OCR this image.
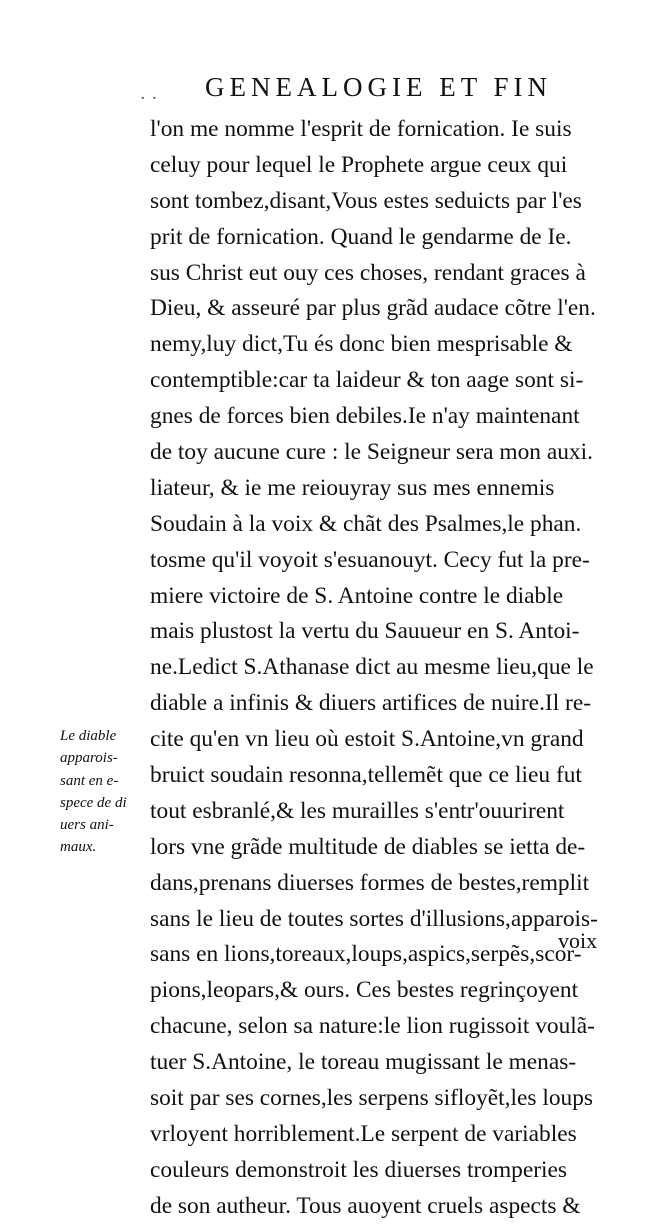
· · GENEALOGIE ET FIN
l'on me nomme l'esprit de fornication. Ie suis
celuy pour lequel le Prophete argue ceux qui
sont tombez,disant,Vous estes seduicts par l'es
prit de fornication. Quand le gendarme de Ie.
sus Christ eut ouy ces choses, rendant graces à
Dieu, & asseuré par plus grãd audace cõtre l'en.
nemy,luy dict,Tu és donc bien mesprisable &
contemptible:car ta laideur & ton aage sont si-
gnes de forces bien debiles.Ie n'ay maintenant
de toy aucune cure : le Seigneur sera mon auxi.
liateur, & ie me reiouyray sus mes ennemis
Soudain à la voix & chãt des Psalmes,le phan.
tosme qu'il voyoit s'esuanouyt. Cecy fut la pre-
miere victoire de S. Antoine contre le diable
mais plustost la vertu du Sauueur en S. Antoi-
ne.Ledict S.Athanase dict au mesme lieu,que le
diable a infinis & diuers artifices de nuire.Il re-
cite qu'en vn lieu où estoit S.Antoine,vn grand
bruict soudain resonna,tellemẽt que ce lieu fut
tout esbranlé,& les murailles s'entr'ouurirent
lors vne grãde multitude de diables se ietta de-
dans,prenans diuerses formes de bestes,remplit
sans le lieu de toutes sortes d'illusions,apparois-
sans en lions,toreaux,loups,aspics,serpẽs,scor-
pions,leopars,& ours. Ces bestes regrinçoyent
chacune, selon sa nature:le lion rugissoit voulã-
tuer S.Antoine, le toreau mugissant le menas-
soit par ses cornes,les serpens sifloyẽt,les loups
vrloyent horriblement.Le serpent de variables
couleurs demonstroit les diuerses tromperies
de son autheur. Tous auoyent cruels aspects &
Le diable
apparois-
sant en e-
spece de di
uers ani-
maux.
voix
